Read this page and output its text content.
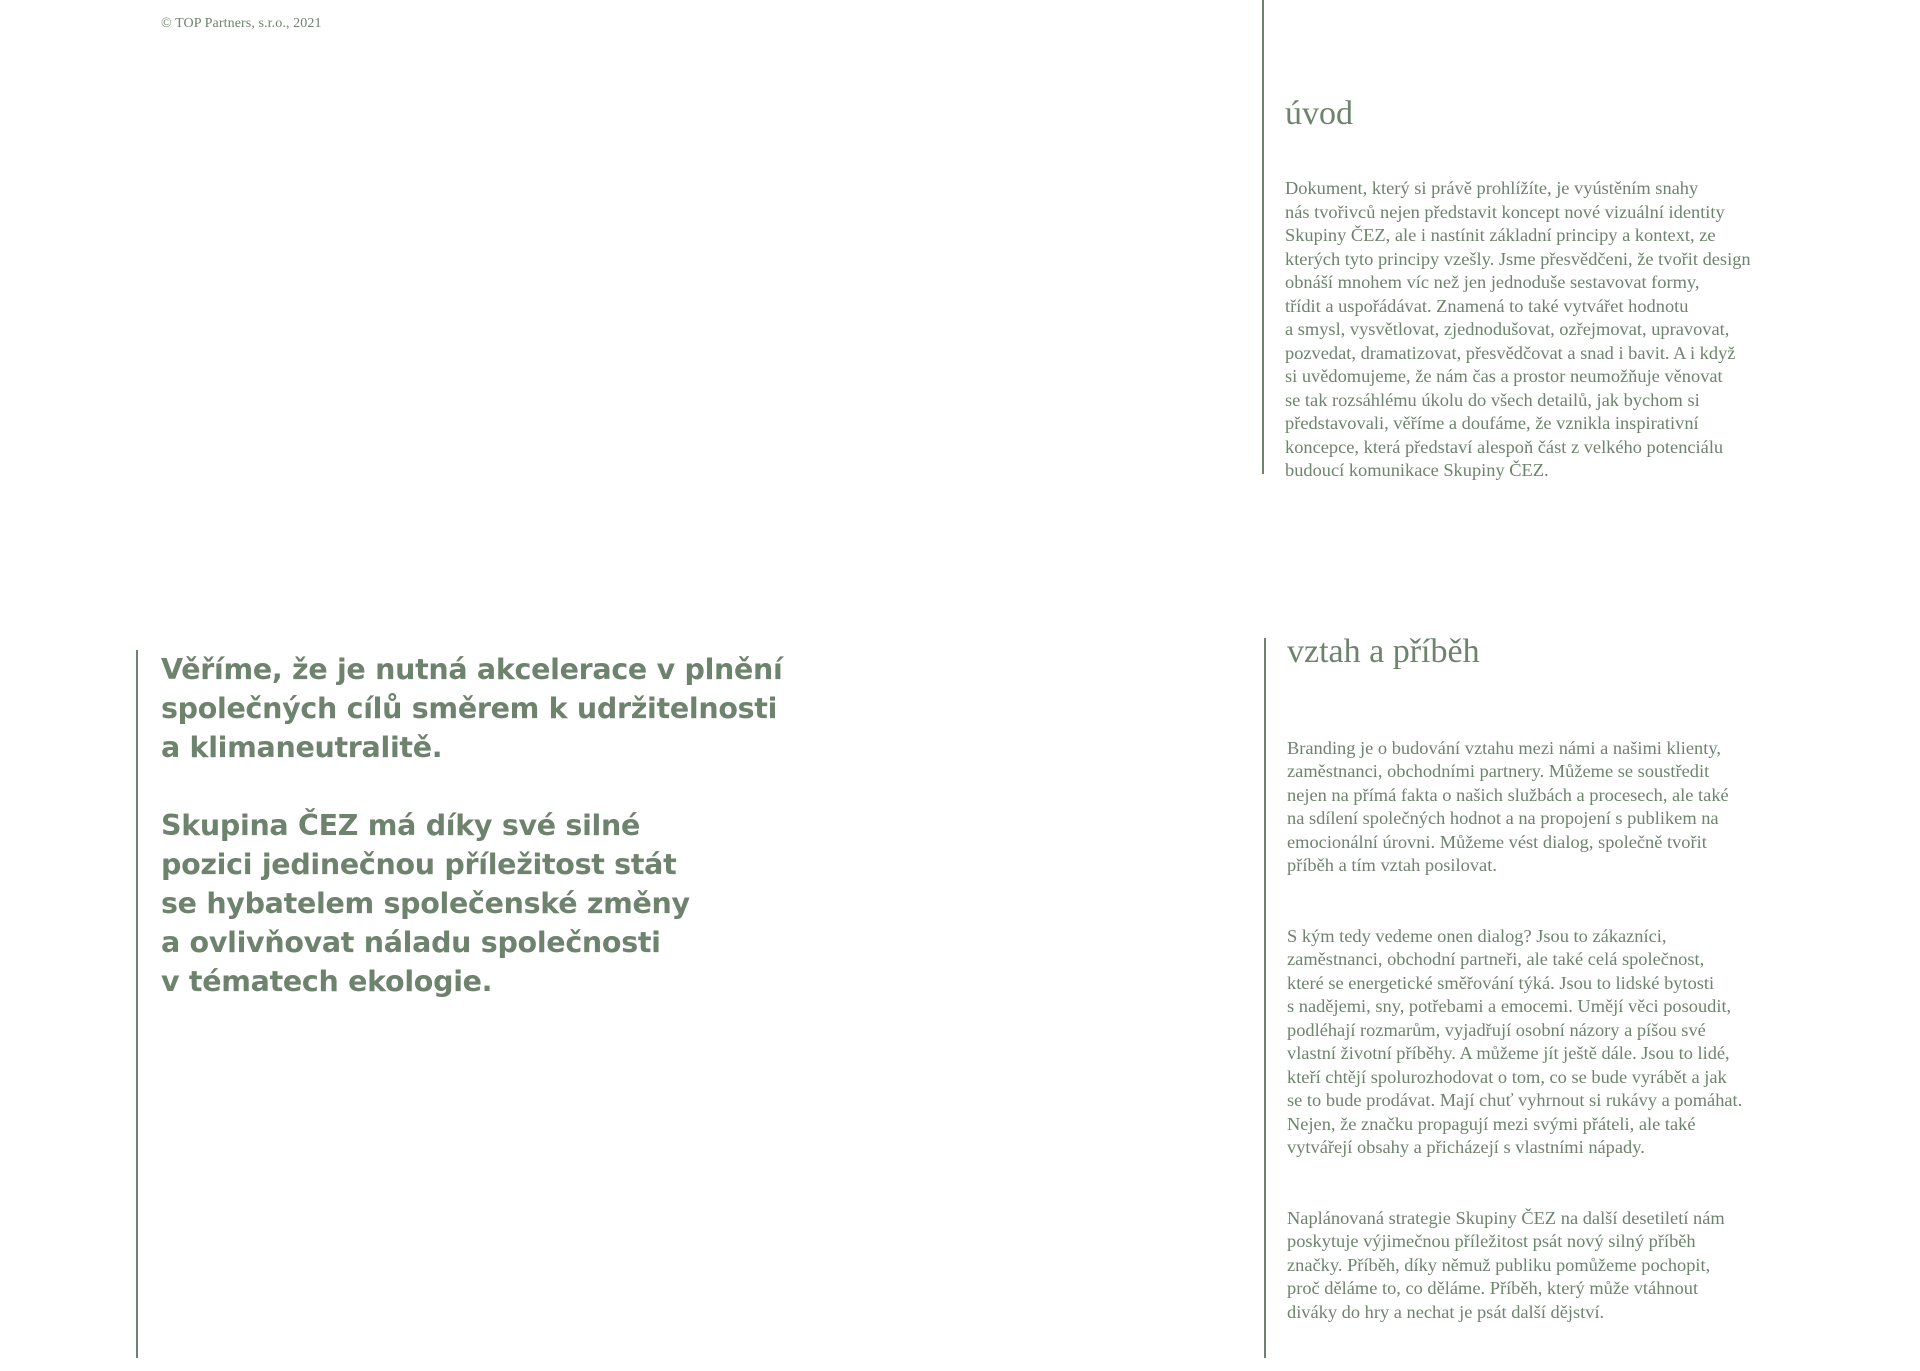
© TOP Partners, s.r.o., 2021
úvod

Dokument, který si právě prohlížíte, je vyústěním snahy
nás tvořivců nejen představit koncept nové vizuální identity
Skupiny ČEZ, ale i nastínit základní principy a kontext, ze
kterých tyto principy vzešly. Jsme přesvědčeni, že tvořit design
obnáší mnohem víc než jen jednoduše sestavovat formy,
třídit a uspořádávat. Znamená to také vytvářet hodnotu
a smysl, vysvětlovat, zjednodušovat, ozřejmovat, upravovat,
pozvedat, dramatizovat, přesvědčovat a snad i bavit. A i když
si uvědomujeme, že nám čas a prostor neumožňuje věnovat
se tak rozsáhlému úkolu do všech detailů, jak bychom si
představovali, věříme a doufáme, že vznikla inspirativní
koncepce, která představí alespoň část z velkého potenciálu
budoucí komunikace Skupiny ČEZ.

Věříme, že je nutná akcelerace v plnění
společných cílů směrem k udržitelnosti
a klimaneutralitě.
Skupina ČEZ má díky své silné
pozici jedinečnou příležitost stát
se hybatelem společenské změny
a ovlivňovat náladu společnosti
v tématech ekologie.
vztah a příběh

Branding je o budování vztahu mezi námi a našimi klienty,
zaměstnanci, obchodními partnery. Můžeme se soustředit
nejen na přímá fakta o našich službách a procesech, ale také
na sdílení společných hodnot a na propojení s publikem na
emocionální úrovni. Můžeme vést dialog, společně tvořit
příběh a tím vztah posilovat.

S kým tedy vedeme onen dialog? Jsou to zákazníci,
zaměstnanci, obchodní partneři, ale také celá společnost,
které se energetické směřování týká. Jsou to lidské bytosti
s nadějemi, sny, potřebami a emocemi. Umějí věci posoudit,
podléhají rozmarům, vyjadřují osobní názory a píšou své
vlastní životní příběhy. A můžeme jít ještě dále. Jsou to lidé,
kteří chtějí spolurozhodovat o tom, co se bude vyrábět a jak
se to bude prodávat. Mají chuť vyhrnout si rukávy a pomáhat.
Nejen, že značku propagují mezi svými přáteli, ale také
vytvářejí obsahy a přicházejí s vlastními nápady.

Naplánovaná strategie Skupiny ČEZ na další desetiletí nám
poskytuje výjimečnou příležitost psát nový silný příběh
značky. Příběh, díky němuž publiku pomůžeme pochopit,
proč děláme to, co děláme. Příběh, který může vtáhnout
diváky do hry a nechat je psát další dějství.
